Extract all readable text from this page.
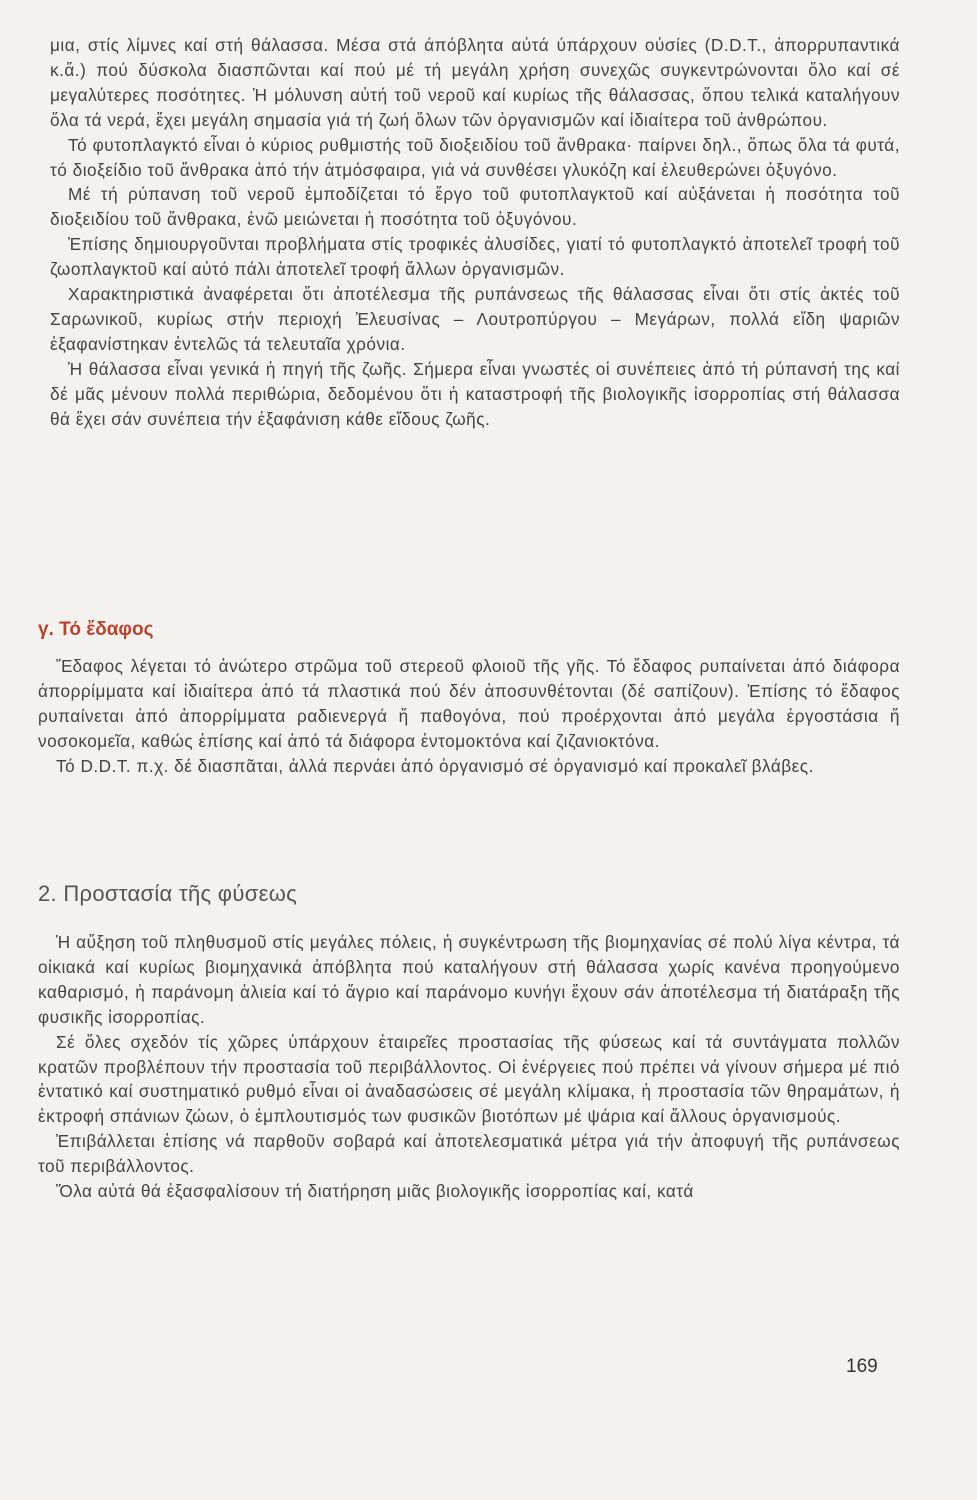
μια, στίς λίμνες καί στή θάλασσα. Μέσα στά άπόβλητα αὐτά ύπάρχουν οὐσίες (D.D.T., ἀπορρυπαντικά κ.ἄ.) πού δύσκολα διασπῶνται καί πού μέ τή μεγάλη χρήση συνεχῶς συγκεντρώνονται ὅλο καί σέ μεγαλύτερες ποσότητες. Ἡ μόλυνση αὐτή τοῦ νεροῦ καί κυρίως τῆς θάλασσας, ὅπου τελικά καταλήγουν ὅλα τά νερά, ἔχει μεγάλη σημασία γιά τή ζωή ὅλων τῶν ὀργανισμῶν καί ἰδιαίτερα τοῦ ἀνθρώπου.

Τό φυτοπλαγκτό εἶναι ὁ κύριος ρυθμιστής τοῦ διοξειδίου τοῦ ἄνθρακα· παίρνει δηλ., ὅπως ὅλα τά φυτά, τό διοξείδιο τοῦ ἄνθρακα ἀπό τήν ἀτμόσφαιρα, γιά νά συνθέσει γλυκόζη καί ἐλευθερώνει ὀξυγόνο.

Μέ τή ρύπανση τοῦ νεροῦ ἐμποδίζεται τό ἔργο τοῦ φυτοπλαγκτοῦ καί αὐξάνεται ἡ ποσότητα τοῦ διοξειδίου τοῦ ἄνθρακα, ἐνῶ μειώνεται ἡ ποσότητα τοῦ ὀξυγόνου.

Ἐπίσης δημιουργοῦνται προβλήματα στίς τροφικές ἁλυσίδες, γιατί τό φυτοπλαγκτό ἀποτελεῖ τροφή τοῦ ζωοπλαγκτοῦ καί αὐτό πάλι ἀποτελεῖ τροφή ἄλλων ὀργανισμῶν.

Χαρακτηριστικά ἀναφέρεται ὅτι ἀποτέλεσμα τῆς ρυπάνσεως τῆς θάλασσας εἶναι ὅτι στίς ἀκτές τοῦ Σαρωνικοῦ, κυρίως στήν περιοχή Ἐλευσίνας – Λουτροπύργου – Μεγάρων, πολλά εἴδη ψαριῶν ἐξαφανίστηκαν ἐντελῶς τά τελευταῖα χρόνια.

Ἡ θάλασσα εἶναι γενικά ἡ πηγή τῆς ζωῆς. Σήμερα εἶναι γνωστές οἱ συνέπειες ἀπό τή ρύπανσή της καί δέ μᾶς μένουν πολλά περιθώρια, δεδομένου ὅτι ἡ καταστροφή τῆς βιολογικῆς ἰσορροπίας στή θάλασσα θά ἔχει σάν συνέπεια τήν ἐξαφάνιση κάθε εἴδους ζωῆς.

γ. Τό ἔδαφος

Ἔδαφος λέγεται τό ἀνώτερο στρῶμα τοῦ στερεοῦ φλοιοῦ τῆς γῆς. Τό ἔδαφος ρυπαίνεται ἀπό διάφορα ἀπορρίμματα καί ἰδιαίτερα ἀπό τά πλαστικά πού δέν ἀποσυνθέτονται (δέ σαπίζουν). Ἐπίσης τό ἔδαφος ρυπαίνεται ἀπό ἀπορρίμματα ραδιενεργά ἤ παθογόνα, πού προέρχονται ἀπό μεγάλα ἐργοστάσια ἤ νοσοκομεῖα, καθώς ἐπίσης καί ἀπό τά διάφορα ἐντομοκτόνα καί ζιζανιοκτόνα.

Τό D.D.T. π.χ. δέ διασπᾶται, ἀλλά περνάει ἀπό ὀργανισμό σέ ὀργανισμό καί προκαλεῖ βλάβες.

2. Προστασία τῆς φύσεως

Ἡ αὔξηση τοῦ πληθυσμοῦ στίς μεγάλες πόλεις, ἡ συγκέντρωση τῆς βιομηχανίας σέ πολύ λίγα κέντρα, τά οἰκιακά καί κυρίως βιομηχανικά ἀπόβλητα πού καταλήγουν στή θάλασσα χωρίς κανένα προηγούμενο καθαρισμό, ἡ παράνομη ἁλιεία καί τό ἄγριο καί παράνομο κυνήγι ἔχουν σάν ἀποτέλεσμα τή διατάραξη τῆς φυσικῆς ἰσορροπίας.

Σέ ὅλες σχεδόν τίς χῶρες ὑπάρχουν ἑταιρεῖες προστασίας τῆς φύσεως καί τά συντάγματα πολλῶν κρατῶν προβλέπουν τήν προστασία τοῦ περιβάλλοντος. Οἱ ἐνέργειες πού πρέπει νά γίνουν σήμερα μέ πιό ἐντατικό καί συστηματικό ρυθμό εἶναι οἱ ἀναδασώσεις σέ μεγάλη κλίμακα, ἡ προστασία τῶν θηραμάτων, ἡ ἐκτροφή σπάνιων ζώων, ὁ ἐμπλουτισμός των φυσικῶν βιοτόπων μέ ψάρια καί ἄλλους ὀργανισμούς.

Ἐπιβάλλεται ἐπίσης νά παρθοῦν σοβαρά καί ἀποτελεσματικά μέτρα γιά τήν ἀποφυγή τῆς ρυπάνσεως τοῦ περιβάλλοντος.

Ὅλα αὐτά θά ἐξασφαλίσουν τή διατήρηση μιᾶς βιολογικῆς ἰσορροπίας καί, κατά

169
